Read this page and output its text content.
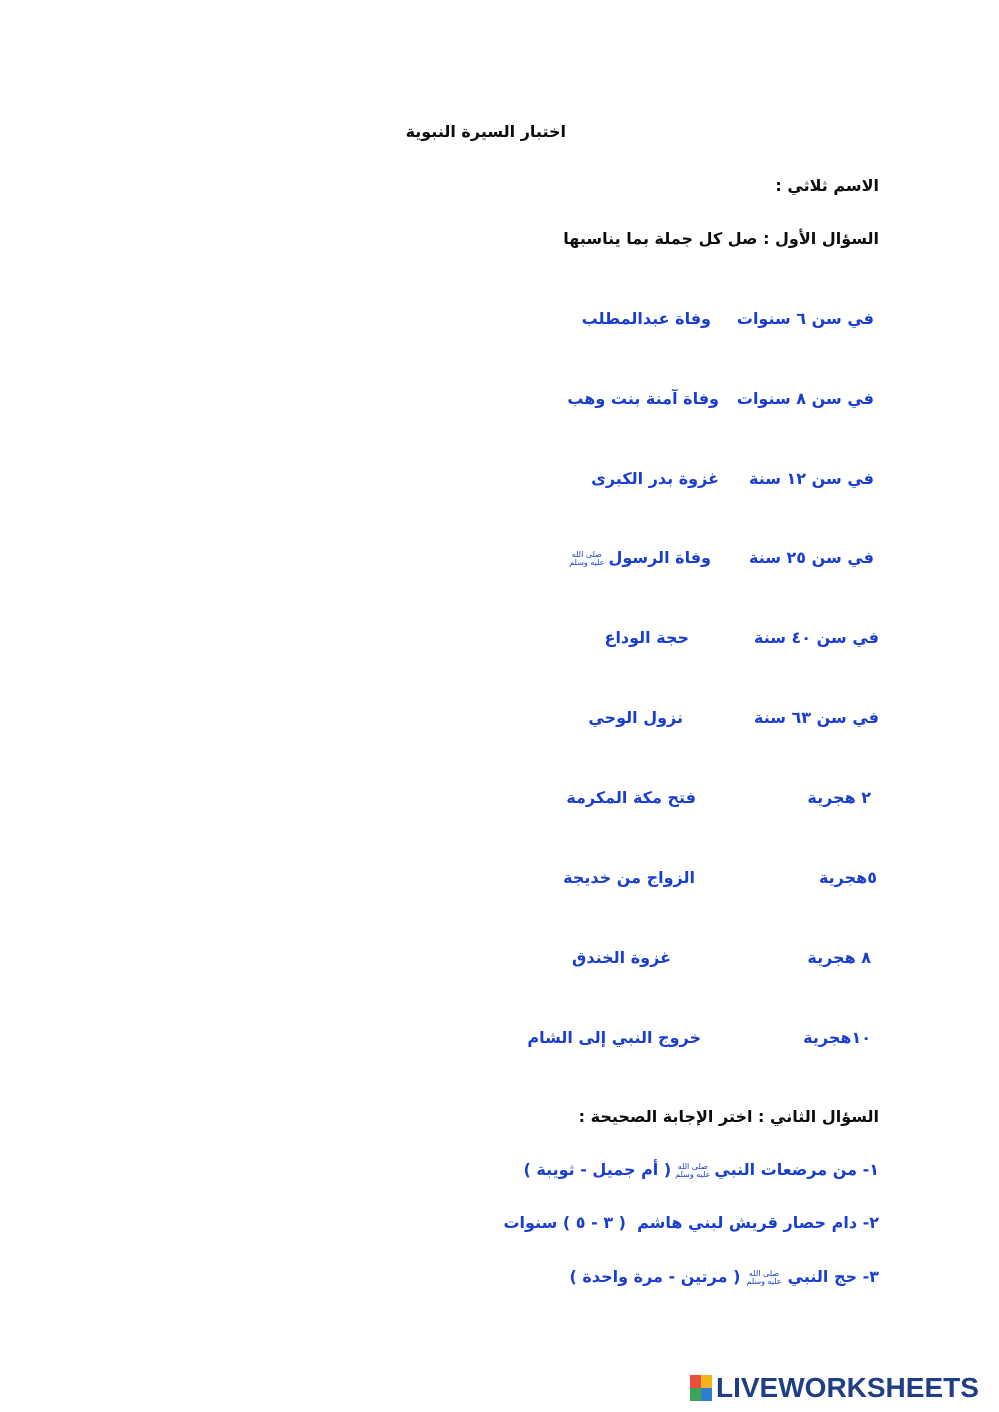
اختبار السيرة النبوية
الاسم ثلاثي :
السؤال الأول : صل كل جملة بما يناسبها
في سن ٦ سنوات
وفاة عبدالمطلب
في سن ٨ سنوات
وفاة آمنة بنت وهب
في سن ١٢ سنة
غزوة بدر الكبرى
في سن ٢٥ سنة
وفاة الرسولصلى الله
عليه وسلم
في سن ٤٠ سنة
حجة الوداع
في سن ٦٣ سنة
نزول الوحي
٢ هجرية
فتح مكة المكرمة
٥هجرية
الزواج من خديجة
٨ هجرية
غزوة الخندق
١٠هجرية
خروج النبي إلى الشام
السؤال الثاني : اختر الإجابة الصحيحة :
١- من مرضعات النبيصلى الله
عليه وسلم( أم جميل - ثويبة )
٢- دام حصار قريش لبني هاشم  ( ٣ - ٥ ) سنوات
٣- حج النبيصلى الله
عليه وسلم( مرتين - مرة واحدة )
LIVEWORKSHEETS
